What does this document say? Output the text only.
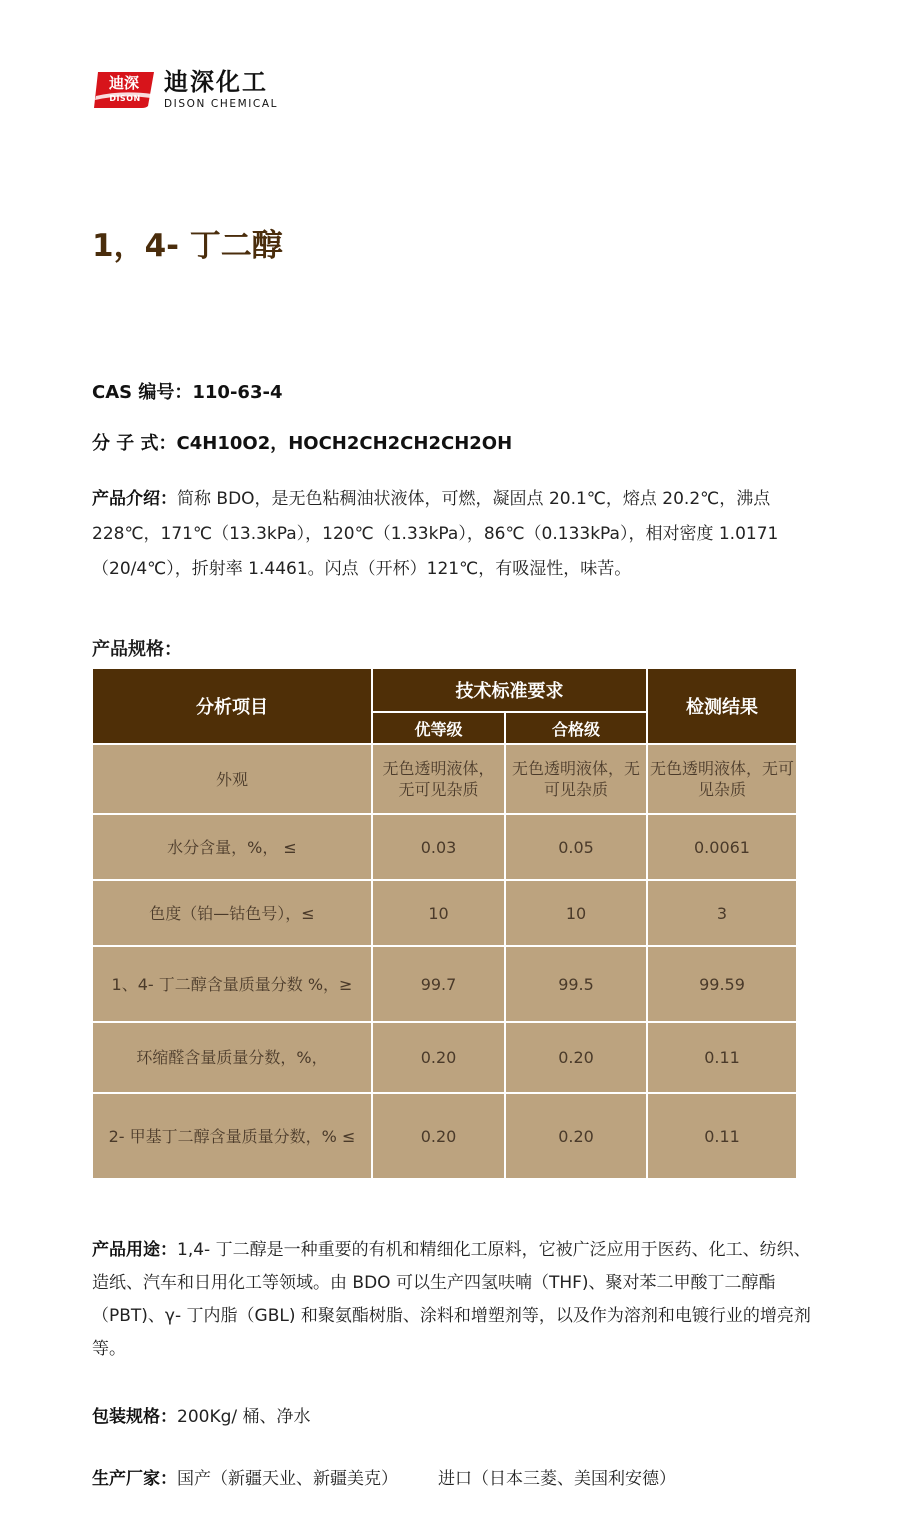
迪深
DISON
迪深化工
DISON CHEMICAL
1，4- 丁二醇
CAS 编号：110-63-4
分 子 式：C4H10O2，HOCH2CH2CH2CH2OH
产品介绍：简称 BDO，是无色粘稠油状液体，可燃，凝固点 20.1℃，熔点 20.2℃，沸点 228℃，171℃（13.3kPa），120℃（1.33kPa），86℃（0.133kPa），相对密度 1.0171（20/4℃），折射率 1.4461。闪点（开杯）121℃，有吸湿性，味苦。
产品规格：
分析项目	技术标准要求		检测结果
	优等级	合格级	
外观	无色透明液体，无可见杂质	无色透明液体，无可见杂质	无色透明液体，无可见杂质
水分含量，%， ≤	0.03	0.05	0.0061
色度（铂—钴色号），≤	10	10	3
1、4- 丁二醇含量质量分数 %，≥	99.7	99.5	99.59
环缩醛含量质量分数，%，	0.20	0.20	0.11
2- 甲基丁二醇含量质量分数，% ≤	0.20	0.20	0.11
产品用途：1,4- 丁二醇是一种重要的有机和精细化工原料，它被广泛应用于医药、化工、纺织、造纸、汽车和日用化工等领域。由 BDO 可以生产四氢呋喃（THF)、聚对苯二甲酸丁二醇酯（PBT)、γ- 丁内脂（GBL) 和聚氨酯树脂、涂料和增塑剂等，以及作为溶剂和电镀行业的增亮剂等。
包装规格：200Kg/ 桶、净水
生产厂家：国产（新疆天业、新疆美克） 进口（日本三菱、美国利安德）
